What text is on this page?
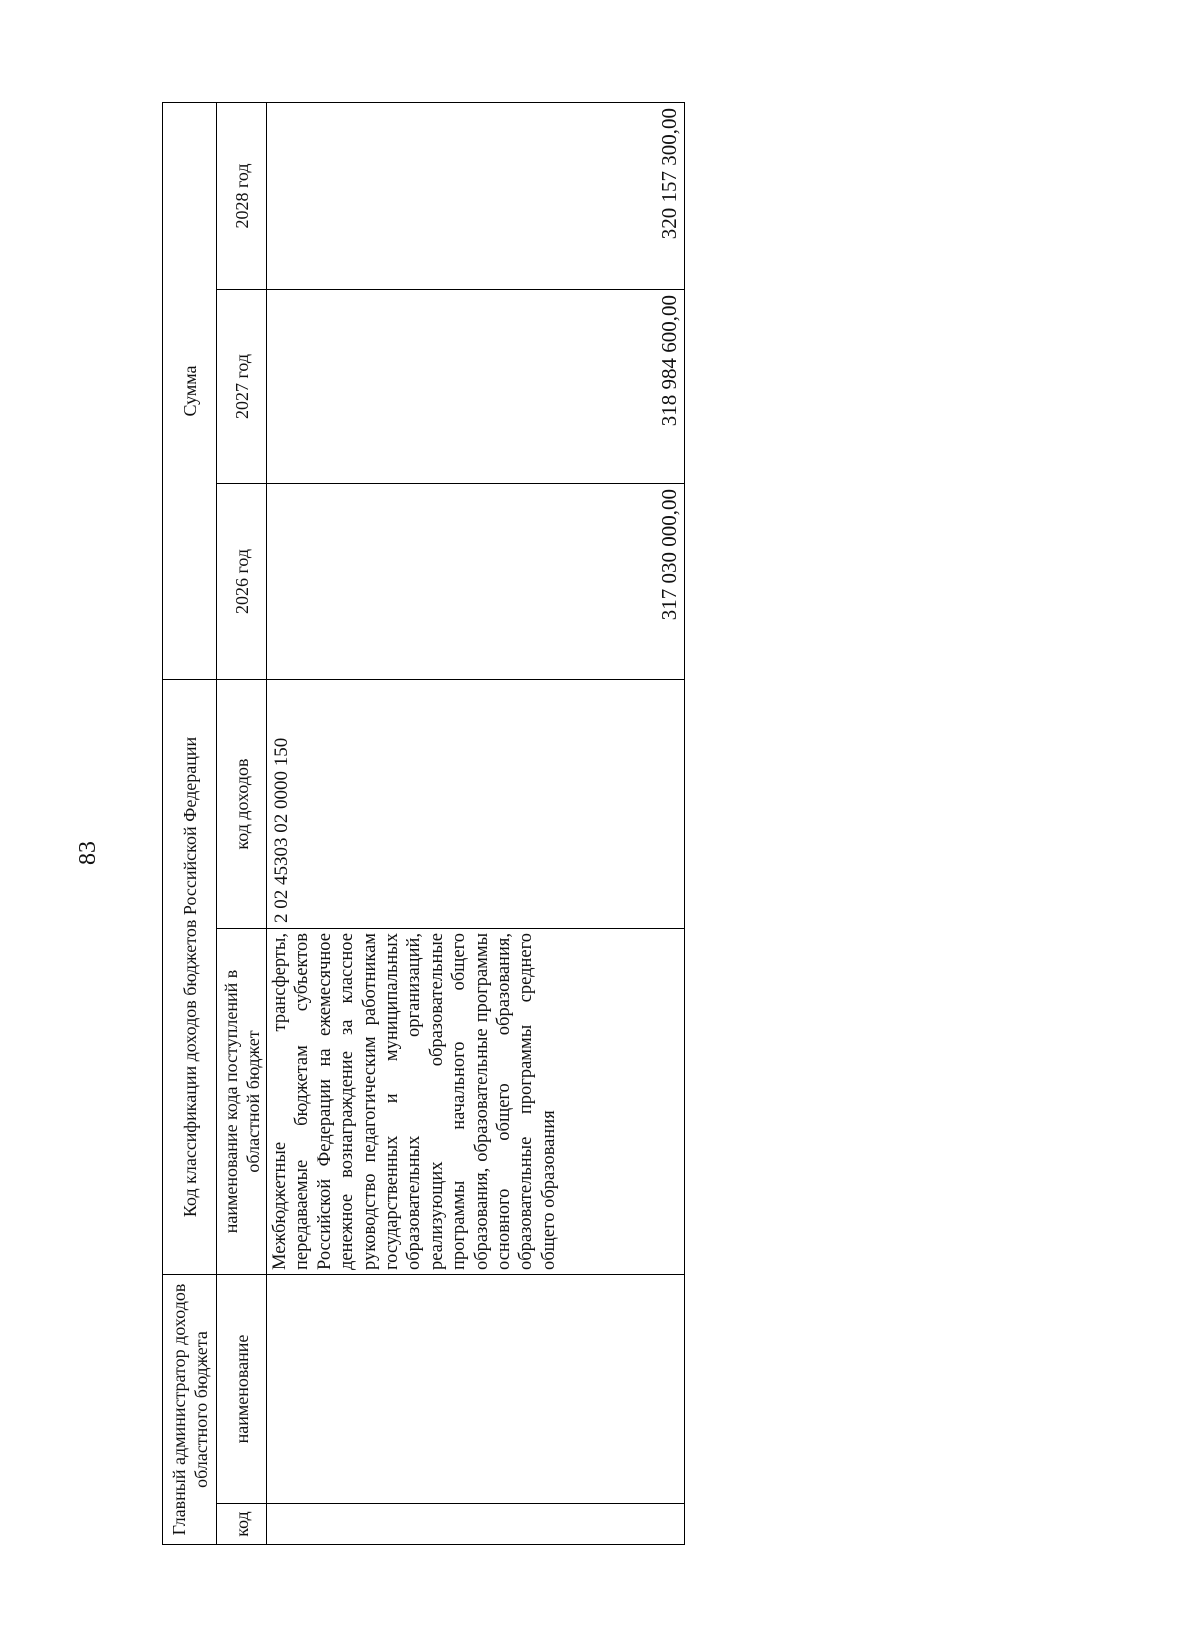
83
Главный администратор доходов областного бюджета		Код классификации доходов бюджетов Российской Федерации		Сумма		
код	наименование	наименование кода поступлений в областной бюджет	код доходов	2026 год	2027 год	2028 год
		Межбюджетные трансферты, передаваемые бюджетам субъектов Российской Федерации на ежемесячное денежное вознаграждение за классное руководство педагогическим работникам государственных и муниципальных образовательных организаций, реализующих образовательные программы начального общего образования, образовательные программы основного общего образования, образовательные программы среднего общего образования	2 02 45303 02 0000 150	317 030 000,00	318 984 600,00	320 157 300,00
